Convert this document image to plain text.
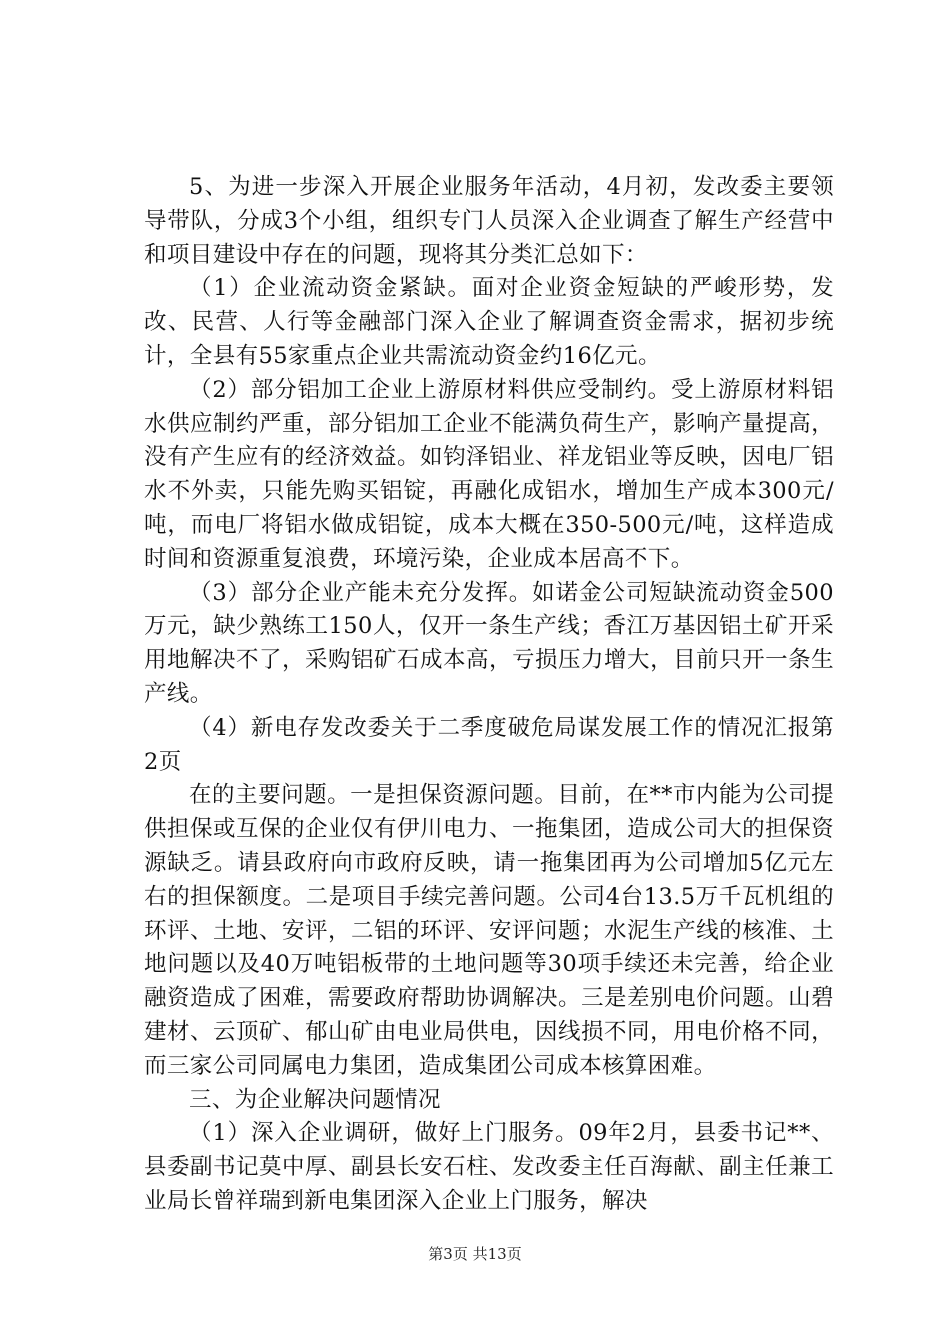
5、为进一步深入开展企业服务年活动，4月初，发改委主要领导带队，分成3个小组，组织专门人员深入企业调查了解生产经营中和项目建设中存在的问题，现将其分类汇总如下：

（1）企业流动资金紧缺。面对企业资金短缺的严峻形势，发改、民营、人行等金融部门深入企业了解调查资金需求，据初步统计，全县有55家重点企业共需流动资金约16亿元。

（2）部分铝加工企业上游原材料供应受制约。受上游原材料铝水供应制约严重，部分铝加工企业不能满负荷生产，影响产量提高，没有产生应有的经济效益。如钧泽铝业、祥龙铝业等反映，因电厂铝水不外卖，只能先购买铝锭，再融化成铝水，增加生产成本300元/吨，而电厂将铝水做成铝锭，成本大概在350-500元/吨，这样造成时间和资源重复浪费，环境污染，企业成本居高不下。

（3）部分企业产能未充分发挥。如诺金公司短缺流动资金500万元，缺少熟练工150人，仅开一条生产线；香江万基因铝土矿开采用地解决不了，采购铝矿石成本高，亏损压力增大，目前只开一条生产线。

（4）新电存发改委关于二季度破危局谋发展工作的情况汇报第2页

在的主要问题。一是担保资源问题。目前，在**市内能为公司提供担保或互保的企业仅有伊川电力、一拖集团，造成公司大的担保资源缺乏。请县政府向市政府反映，请一拖集团再为公司增加5亿元左右的担保额度。二是项目手续完善问题。公司4台13.5万千瓦机组的环评、土地、安评，二铝的环评、安评问题；水泥生产线的核准、土地问题以及40万吨铝板带的土地问题等30项手续还未完善，给企业融资造成了困难，需要政府帮助协调解决。三是差别电价问题。山碧建材、云顶矿、郁山矿由电业局供电，因线损不同，用电价格不同，而三家公司同属电力集团，造成集团公司成本核算困难。

三、为企业解决问题情况

（1）深入企业调研，做好上门服务。09年2月，县委书记**、县委副书记莫中厚、副县长安石柱、发改委主任百海献、副主任兼工业局长曾祥瑞到新电集团深入企业上门服务，解决

第3页 共13页
